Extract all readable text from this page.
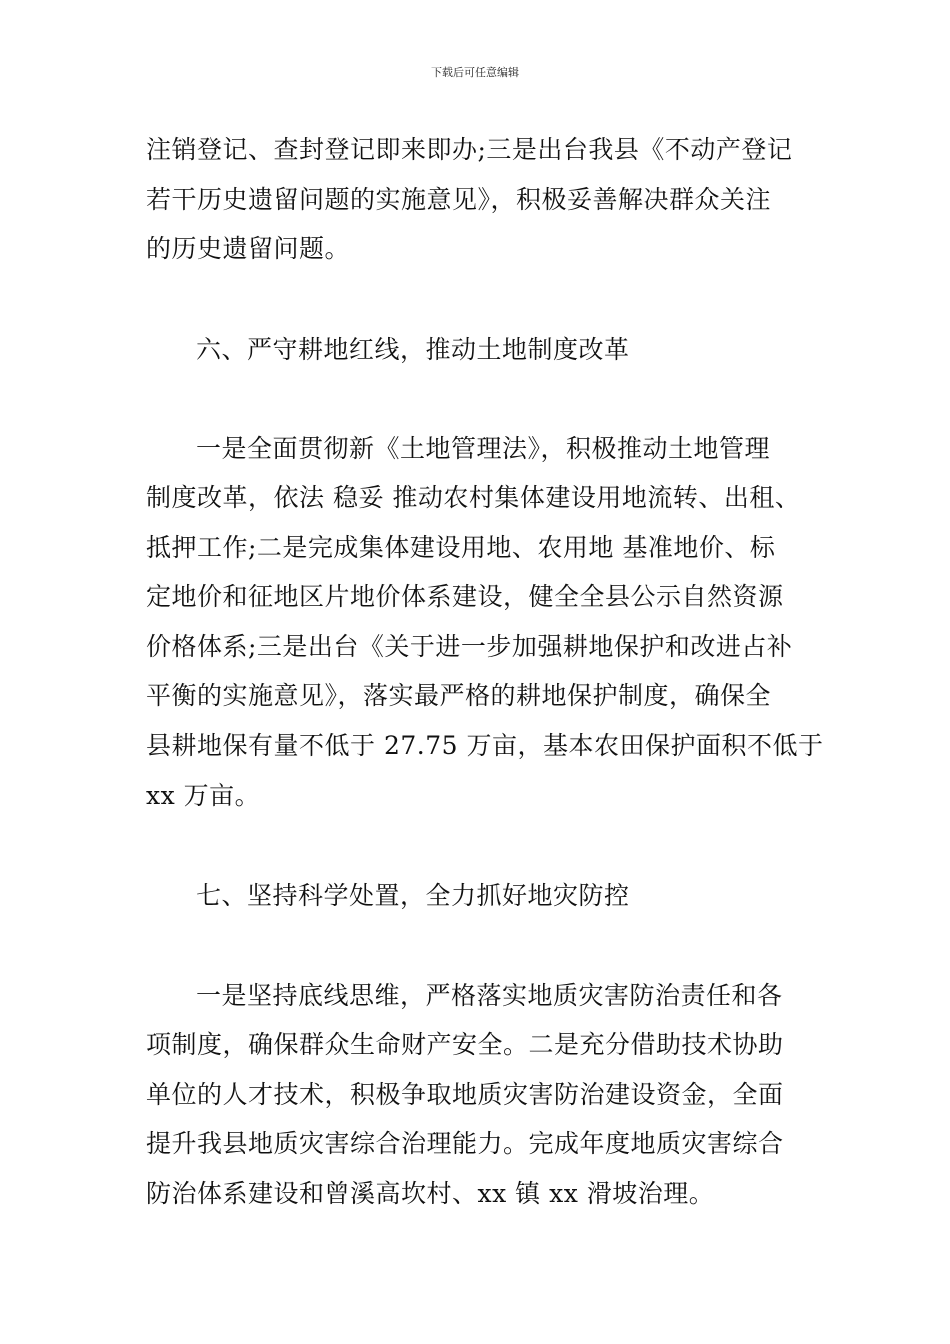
下载后可任意编辑
注销登记、查封登记即来即办;三是出台我县《不动产登记
若干历史遗留问题的实施意见》，积极妥善解决群众关注
的历史遗留问题。
六、严守耕地红线，推动土地制度改革
一是全面贯彻新《土地管理法》，积极推动土地管理
制度改革，依法 稳妥 推动农村集体建设用地流转、出租、
抵押工作;二是完成集体建设用地、农用地 基准地价、标
定地价和征地区片地价体系建设，健全全县公示自然资源
价格体系;三是出台《关于进一步加强耕地保护和改进占补
平衡的实施意见》，落实最严格的耕地保护制度，确保全
县耕地保有量不低于 27.75 万亩，基本农田保护面积不低于
xx 万亩。
七、坚持科学处置，全力抓好地灾防控
一是坚持底线思维，严格落实地质灾害防治责任和各
项制度，确保群众生命财产安全。二是充分借助技术协助
单位的人才技术，积极争取地质灾害防治建设资金，全面
提升我县地质灾害综合治理能力。完成年度地质灾害综合
防治体系建设和曾溪高坎村、xx 镇 xx 滑坡治理。
